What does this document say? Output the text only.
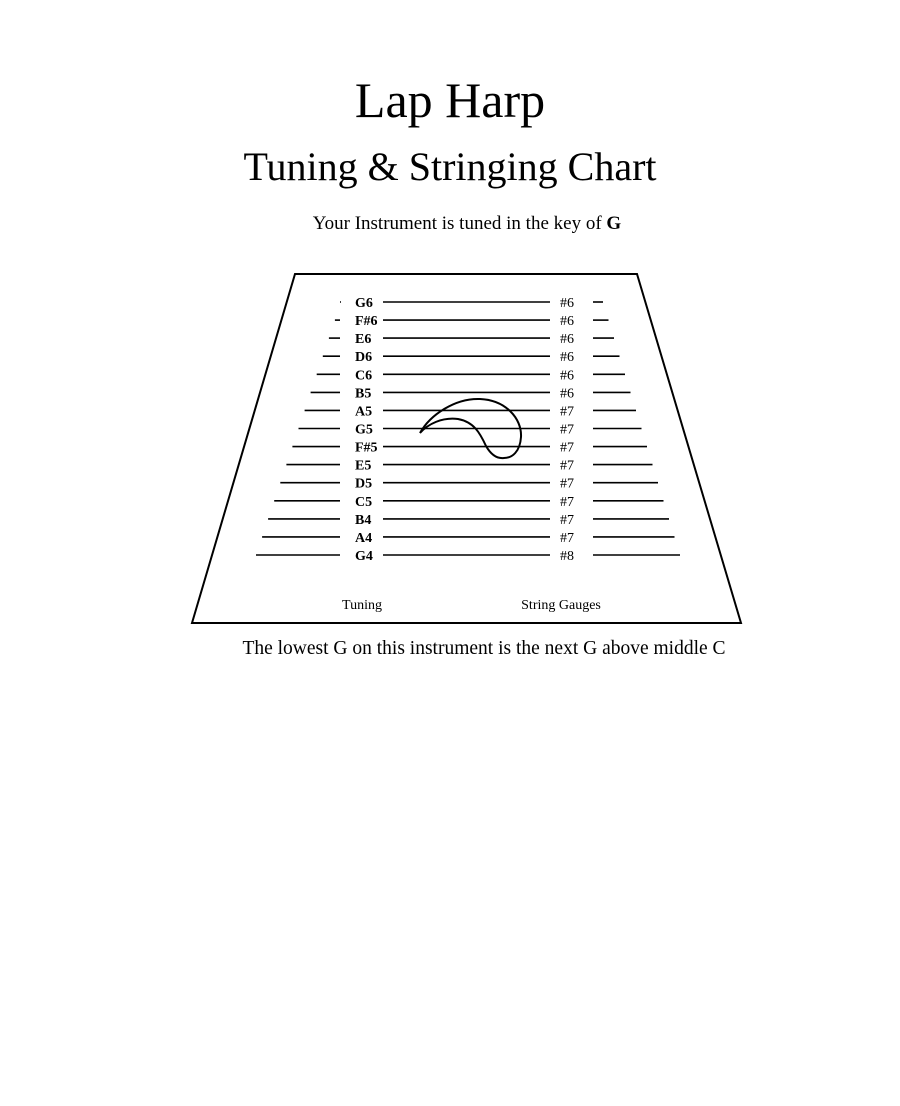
Lap Harp
Tuning & Stringing Chart
Your Instrument is tuned in the key of G
G6	#6
F#6	#6
E6	#6
D6	#6
C6	#6
B5	#6
A5	#7
G5	#7
F#5	#7
E5	#7
D5	#7
C5	#7
B4	#7
A4	#7
G4	#8
Tuning	String Gauges
The lowest G on this instrument is the next G above middle C
